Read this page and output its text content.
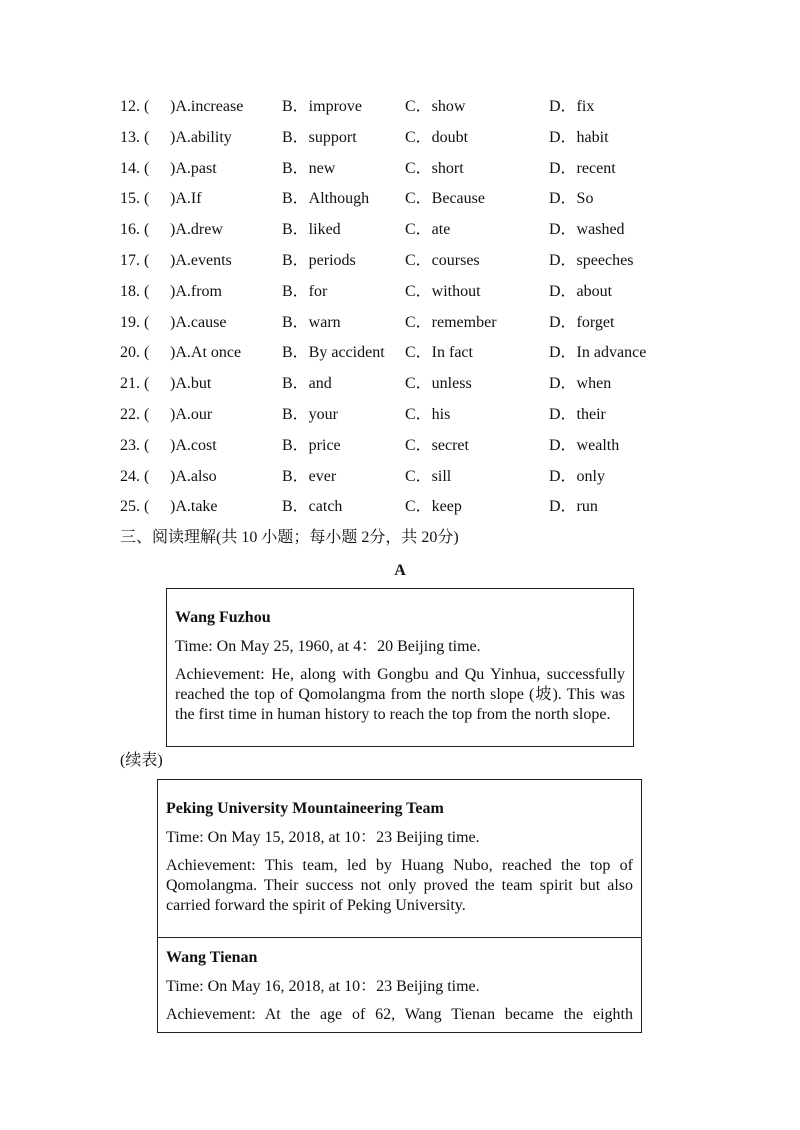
12. ( )A.increase B．improve	C．show	D．fix
13. ( )A.ability	B．support	C．doubt	D．habit
14. ( )A.past	B．new	C．short	D．recent
15. ( )A.If	B．Although C．Because	D．So
16. ( )A.drew	B．liked	C．ate	D．washed
17. ( )A.events	B．periods	C．courses	D．speeches
18. ( )A.from	B．for	C．without	D．about
19. ( )A.cause	B．warn	C．remember	D．forget
20. ( )A.At once	B．By accident C．In fact	D．In advance
21. ( )A.but	B．and	C．unless	D．when
22. ( )A.our	B．your	C．his	D．their
23. ( )A.cost	B．price	C．secret	D．wealth
24. ( )A.also	B．ever	C．sill	D．only
25. ( )A.take	B．catch	C．keep	D．run
三、阅读理解(共 10 小题；每小题 2分，共 20分)
A
Wang Fuzhou
Time: On May 25, 1960, at 4：20 Beijing time.
Achievement: He, along with Gongbu and Qu Yinhua, successfully reached the top of Qomolangma from the north slope (坡). This was the first time in human history to reach the top from the north slope.
(续表)
Peking University Mountaineering Team
Time: On May 15, 2018, at 10：23 Beijing time.
Achievement: This team, led by Huang Nubo, reached the top of Qomolangma. Their success not only proved the team spirit but also carried forward the spirit of Peking University.
Wang Tienan
Time: On May 16, 2018, at 10：23 Beijing time.
Achievement: At the age of 62, Wang Tienan became the eighth
